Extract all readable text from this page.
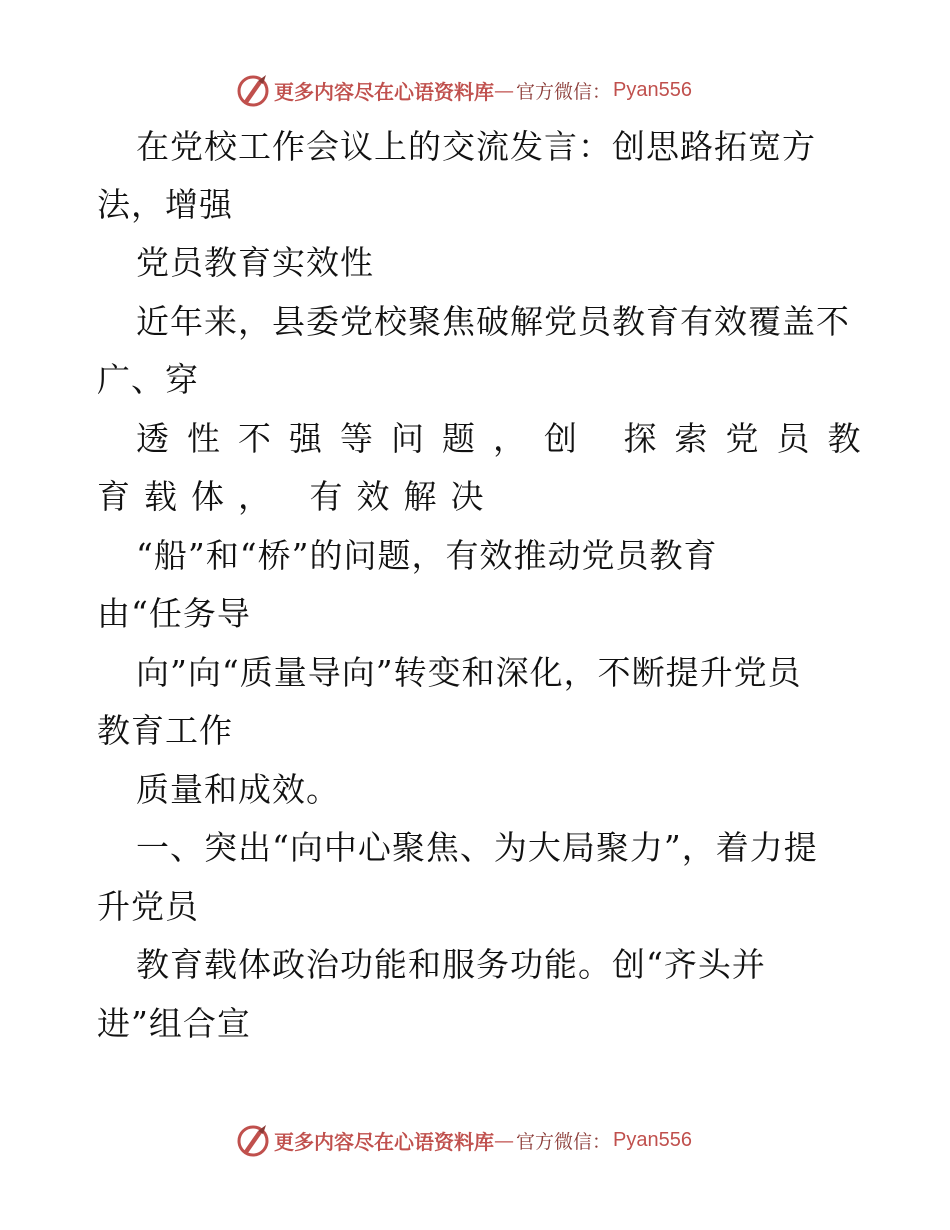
更多内容尽在心语资料库 — 官方微信： Pyan556

在党校工作会议上的交流发言：创思路拓宽方

法，增强

党员教育实效性

近年来，县委党校聚焦破解党员教育有效覆盖不

广、穿

透性不强等问题，创 探索党员教

育载体， 有效解决

“船”和“桥”的问题，有效推动党员教育

由“任务导

向”向“质量导向”转变和深化，不断提升党员

教育工作

质量和成效。

一、突出“向中心聚焦、为大局聚力”，着力提

升党员

教育载体政治功能和服务功能。创“齐头并

进”组合宣

更多内容尽在心语资料库 — 官方微信： Pyan556
